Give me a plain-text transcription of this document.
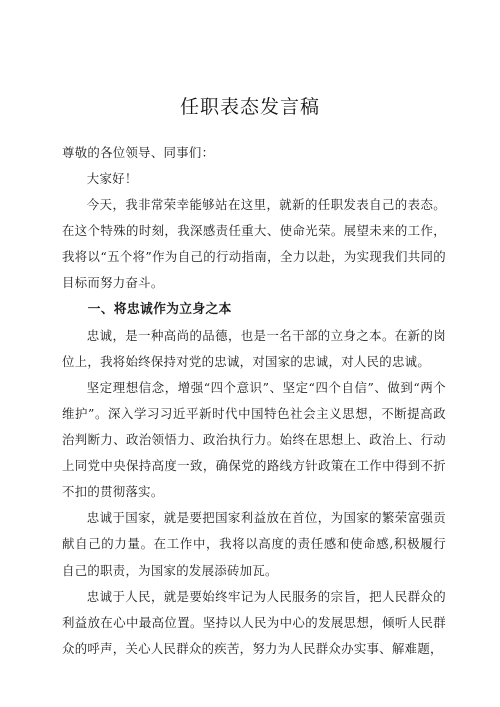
任职表态发言稿

尊敬的各位领导、同事们：

大家好！

今天，我非常荣幸能够站在这里，就新的任职发表自己的表态。在这个特殊的时刻，我深感责任重大、使命光荣。展望未来的工作，我将以“五个将”作为自己的行动指南，全力以赴，为实现我们共同的目标而努力奋斗。

一、将忠诚作为立身之本

忠诚，是一种高尚的品德，也是一名干部的立身之本。在新的岗位上，我将始终保持对党的忠诚，对国家的忠诚，对人民的忠诚。

坚定理想信念，增强“四个意识”、坚定“四个自信”、做到“两个维护”。深入学习习近平新时代中国特色社会主义思想，不断提高政治判断力、政治领悟力、政治执行力。始终在思想上、政治上、行动上同党中央保持高度一致，确保党的路线方针政策在工作中得到不折不扣的贯彻落实。

忠诚于国家，就是要把国家利益放在首位，为国家的繁荣富强贡献自己的力量。在工作中，我将以高度的责任感和使命感,积极履行自己的职责，为国家的发展添砖加瓦。

忠诚于人民，就是要始终牢记为人民服务的宗旨，把人民群众的利益放在心中最高位置。坚持以人民为中心的发展思想，倾听人民群众的呼声，关心人民群众的疾苦，努力为人民群众办实事、解难题，
